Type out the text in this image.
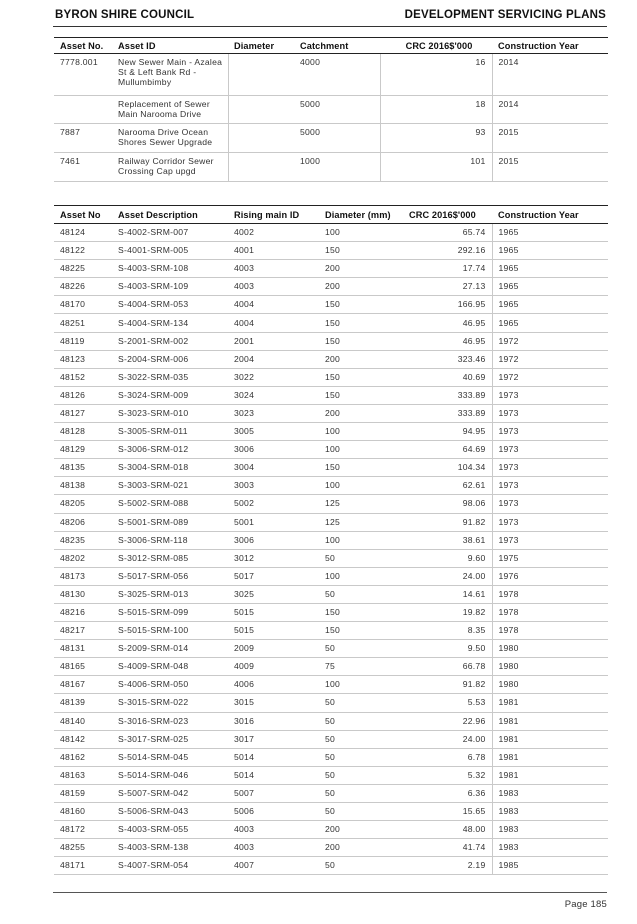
BYRON SHIRE COUNCIL	DEVELOPMENT SERVICING PLANS
Asset No.	Asset ID	Diameter	Catchment	CRC 2016$'000	Construction Year
7778.001	New Sewer Main - Azalea St & Left Bank Rd - Mullumbimby		4000	16	2014
	Replacement of Sewer Main Narooma Drive		5000	18	2014
7887	Narooma Drive Ocean Shores Sewer Upgrade		5000	93	2015
7461	Railway Corridor Sewer Crossing Cap upgd		1000	101	2015
Asset No	Asset Description	Rising main ID	Diameter (mm)	CRC 2016$'000	Construction Year
48124	S-4002-SRM-007	4002	100	65.74	1965
48122	S-4001-SRM-005	4001	150	292.16	1965
48225	S-4003-SRM-108	4003	200	17.74	1965
48226	S-4003-SRM-109	4003	200	27.13	1965
48170	S-4004-SRM-053	4004	150	166.95	1965
48251	S-4004-SRM-134	4004	150	46.95	1965
48119	S-2001-SRM-002	2001	150	46.95	1972
48123	S-2004-SRM-006	2004	200	323.46	1972
48152	S-3022-SRM-035	3022	150	40.69	1972
48126	S-3024-SRM-009	3024	150	333.89	1973
48127	S-3023-SRM-010	3023	200	333.89	1973
48128	S-3005-SRM-011	3005	100	94.95	1973
48129	S-3006-SRM-012	3006	100	64.69	1973
48135	S-3004-SRM-018	3004	150	104.34	1973
48138	S-3003-SRM-021	3003	100	62.61	1973
48205	S-5002-SRM-088	5002	125	98.06	1973
48206	S-5001-SRM-089	5001	125	91.82	1973
48235	S-3006-SRM-118	3006	100	38.61	1973
48202	S-3012-SRM-085	3012	50	9.60	1975
48173	S-5017-SRM-056	5017	100	24.00	1976
48130	S-3025-SRM-013	3025	50	14.61	1978
48216	S-5015-SRM-099	5015	150	19.82	1978
48217	S-5015-SRM-100	5015	150	8.35	1978
48131	S-2009-SRM-014	2009	50	9.50	1980
48165	S-4009-SRM-048	4009	75	66.78	1980
48167	S-4006-SRM-050	4006	100	91.82	1980
48139	S-3015-SRM-022	3015	50	5.53	1981
48140	S-3016-SRM-023	3016	50	22.96	1981
48142	S-3017-SRM-025	3017	50	24.00	1981
48162	S-5014-SRM-045	5014	50	6.78	1981
48163	S-5014-SRM-046	5014	50	5.32	1981
48159	S-5007-SRM-042	5007	50	6.36	1983
48160	S-5006-SRM-043	5006	50	15.65	1983
48172	S-4003-SRM-055	4003	200	48.00	1983
48255	S-4003-SRM-138	4003	200	41.74	1983
48171	S-4007-SRM-054	4007	50	2.19	1985
Page 185
